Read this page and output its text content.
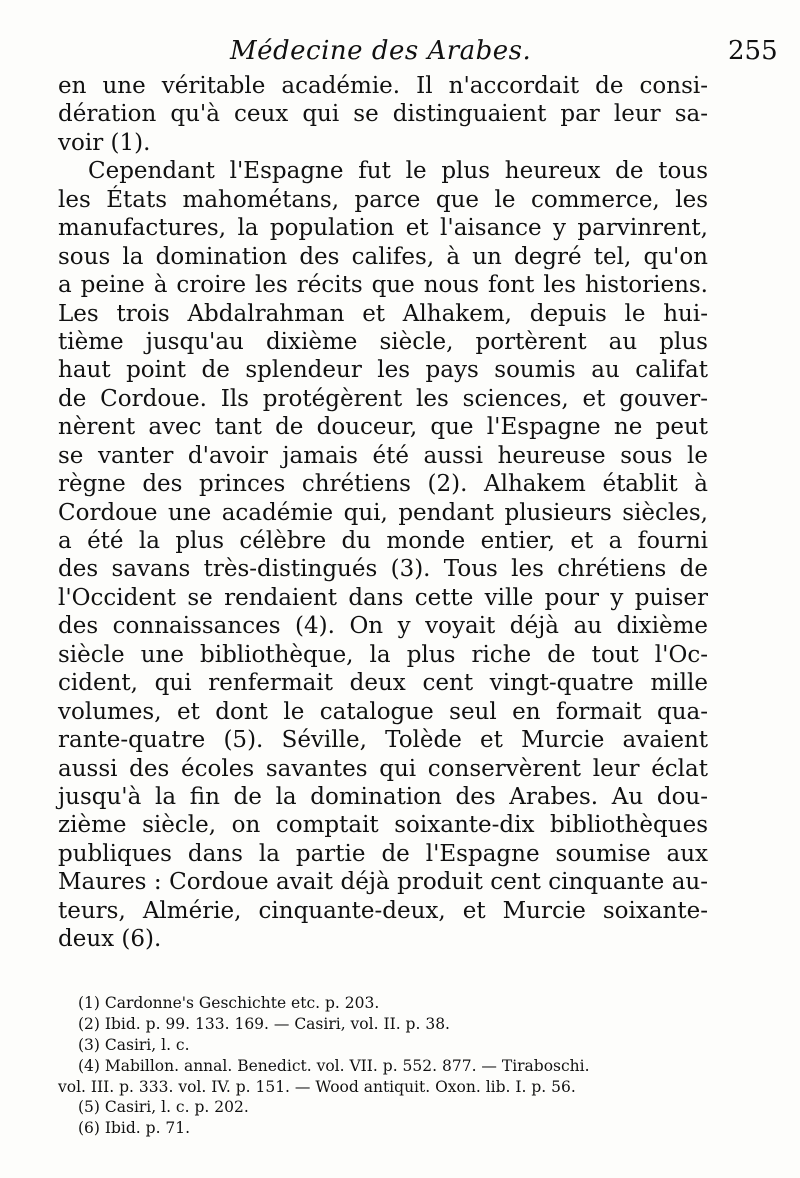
Médecine des Arabes.	255
en une véritable académie. Il n'accordait de consi-
dération qu'à ceux qui se distinguaient par leur sa-
voir (1).
Cependant l'Espagne fut le plus heureux de tous
les États mahométans, parce que le commerce, les
manufactures, la population et l'aisance y parvinrent,
sous la domination des califes, à un degré tel, qu'on
a peine à croire les récits que nous font les historiens.
Les trois Abdalrahman et Alhakem, depuis le hui-
tième jusqu'au dixième siècle, portèrent au plus
haut point de splendeur les pays soumis au califat
de Cordoue. Ils protégèrent les sciences, et gouver-
nèrent avec tant de douceur, que l'Espagne ne peut
se vanter d'avoir jamais été aussi heureuse sous le
règne des princes chrétiens (2). Alhakem établit à
Cordoue une académie qui, pendant plusieurs siècles,
a été la plus célèbre du monde entier, et a fourni
des savans très-distingués (3). Tous les chrétiens de
l'Occident se rendaient dans cette ville pour y puiser
des connaissances (4). On y voyait déjà au dixième
siècle une bibliothèque, la plus riche de tout l'Oc-
cident, qui renfermait deux cent vingt-quatre mille
volumes, et dont le catalogue seul en formait qua-
rante-quatre (5). Séville, Tolède et Murcie avaient
aussi des écoles savantes qui conservèrent leur éclat
jusqu'à la fin de la domination des Arabes. Au dou-
zième siècle, on comptait soixante-dix bibliothèques
publiques dans la partie de l'Espagne soumise aux
Maures : Cordoue avait déjà produit cent cinquante au-
teurs, Almérie, cinquante-deux, et Murcie soixante-
deux (6).
(1) Cardonne's Geschichte etc. p. 203.
(2) Ibid. p. 99. 133. 169. — Casiri, vol. II. p. 38.
(3) Casiri, l. c.
(4) Mabillon. annal. Benedict. vol. VII. p. 552. 877. — Tiraboschi.
vol. III. p. 333. vol. IV. p. 151. — Wood antiquit. Oxon. lib. I. p. 56.
(5) Casiri, l. c. p. 202.
(6) Ibid. p. 71.
